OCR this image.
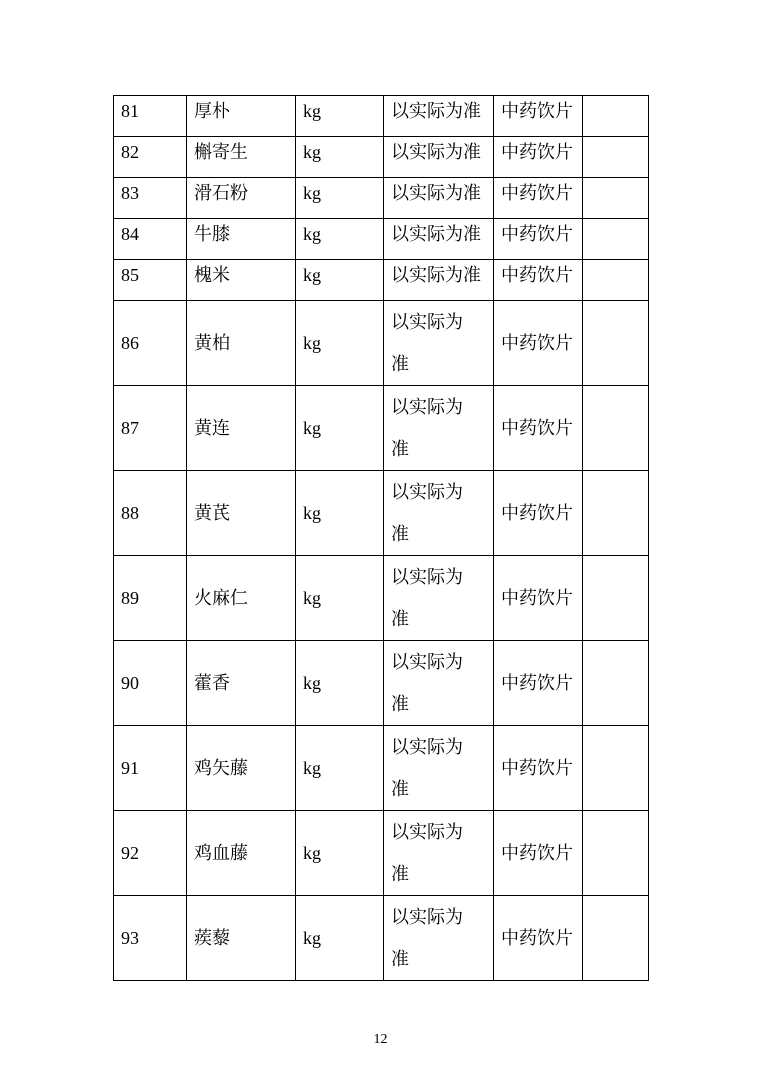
81	厚朴	kg	以实际为准	中药饮片	
82	槲寄生	kg	以实际为准	中药饮片	
83	滑石粉	kg	以实际为准	中药饮片	
84	牛膝	kg	以实际为准	中药饮片	
85	槐米	kg	以实际为准	中药饮片	
86	黄柏	kg	以实际为准	中药饮片	
87	黄连	kg	以实际为准	中药饮片	
88	黄芪	kg	以实际为准	中药饮片	
89	火麻仁	kg	以实际为准	中药饮片	
90	藿香	kg	以实际为准	中药饮片	
91	鸡矢藤	kg	以实际为准	中药饮片	
92	鸡血藤	kg	以实际为准	中药饮片	
93	蒺藜	kg	以实际为准	中药饮片	
12
